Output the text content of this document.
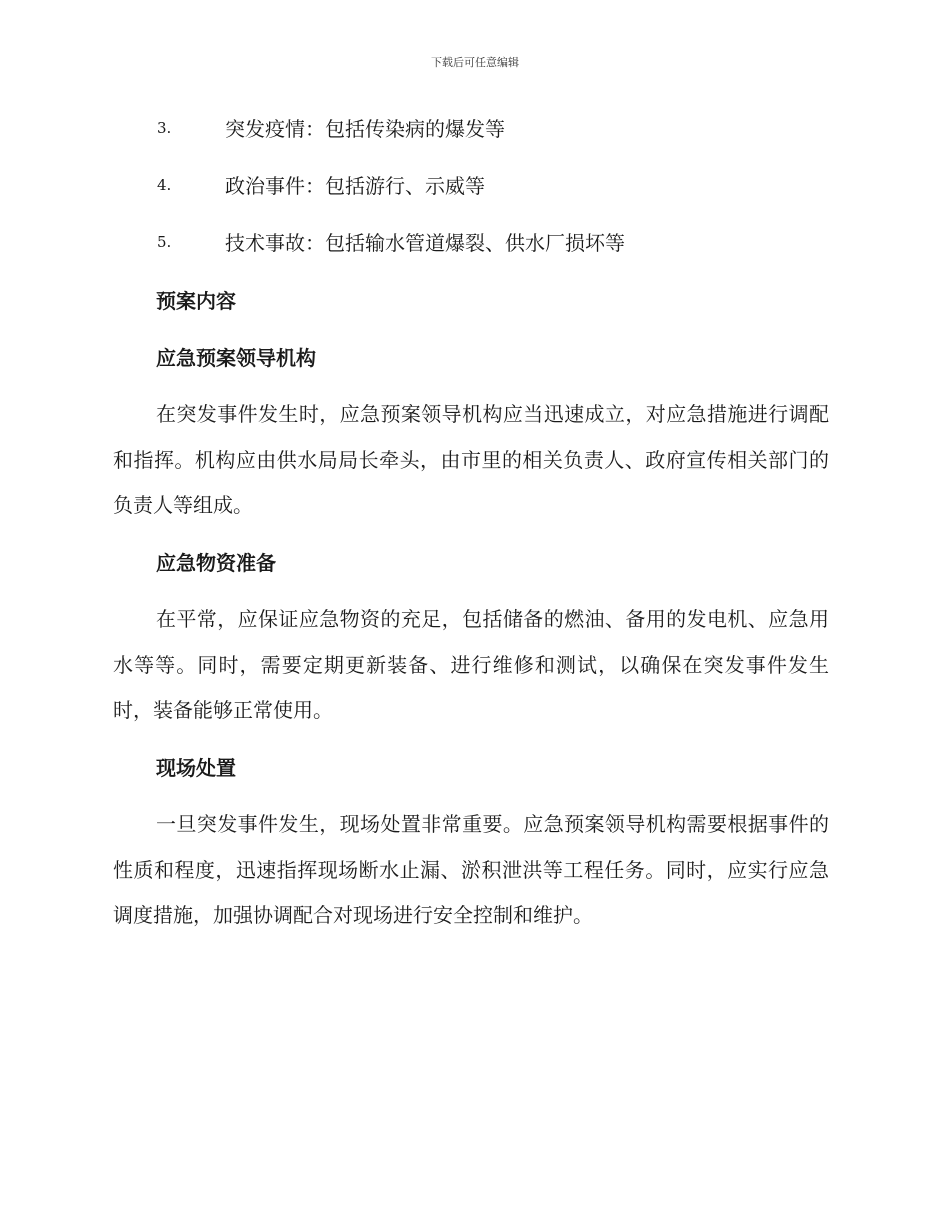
下载后可任意编辑
3.	突发疫情：包括传染病的爆发等
4.	政治事件：包括游行、示威等
5.	技术事故：包括输水管道爆裂、供水厂损坏等
预案内容
应急预案领导机构

在突发事件发生时，应急预案领导机构应当迅速成立，对应急措施进行调配和指挥。机构应由供水局局长牵头，由市里的相关负责人、政府宣传相关部门的负责人等组成。

应急物资准备

在平常，应保证应急物资的充足，包括储备的燃油、备用的发电机、应急用水等等。同时，需要定期更新装备、进行维修和测试，以确保在突发事件发生时，装备能够正常使用。

现场处置

一旦突发事件发生，现场处置非常重要。应急预案领导机构需要根据事件的性质和程度，迅速指挥现场断水止漏、淤积泄洪等工程任务。同时，应实行应急调度措施，加强协调配合对现场进行安全控制和维护。
